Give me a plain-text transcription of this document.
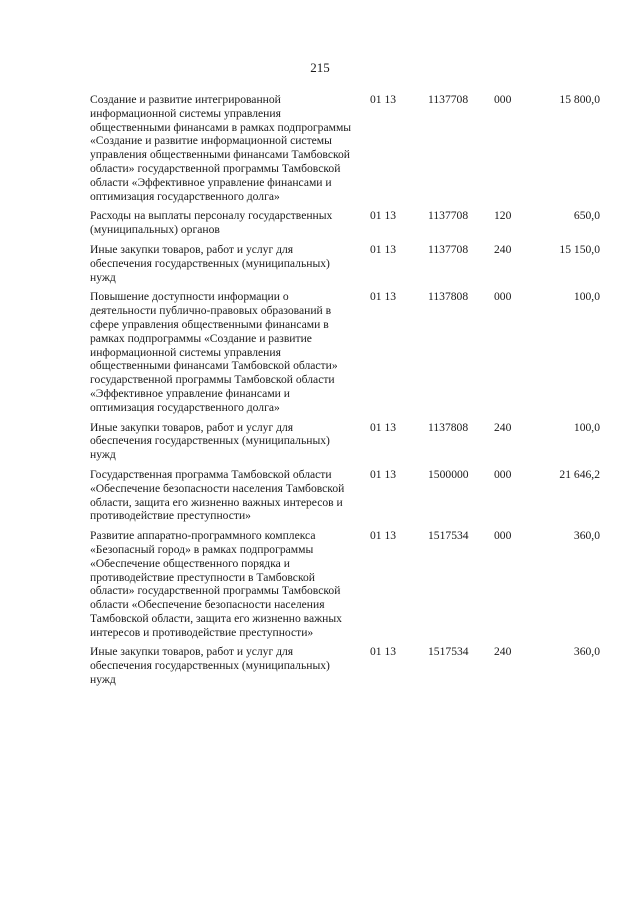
215
Создание и развитие интегрированной информационной системы управления общественными финансами в рамках подпрограммы «Создание и развитие информационной системы управления общественными финансами Тамбовской области» государственной программы Тамбовской области «Эффективное управление финансами и оптимизация государственного долга»
01 13	1137708	000	15 800,0
Расходы на выплаты персоналу государственных (муниципальных) органов
01 13	1137708	120	650,0
Иные закупки товаров, работ и услуг для обеспечения государственных (муниципальных) нужд
01 13	1137708	240	15 150,0
Повышение доступности информации о деятельности публично-правовых образований в сфере управления общественными финансами в рамках подпрограммы «Создание и развитие информационной системы управления общественными финансами Тамбовской области» государственной программы Тамбовской области «Эффективное управление финансами и оптимизация государственного долга»
01 13	1137808	000	100,0
Иные закупки товаров, работ и услуг для обеспечения государственных (муниципальных) нужд
01 13	1137808	240	100,0
Государственная программа Тамбовской области «Обеспечение безопасности населения Тамбовской области, защита его жизненно важных интересов и противодействие преступности»
01 13	1500000	000	21 646,2
Развитие аппаратно-программного комплекса «Безопасный город» в рамках подпрограммы «Обеспечение общественного порядка и противодействие преступности в Тамбовской области» государственной программы Тамбовской области «Обеспечение безопасности населения Тамбовской области, защита его жизненно важных интересов и противодействие преступности»
01 13	1517534	000	360,0
Иные закупки товаров, работ и услуг для обеспечения государственных (муниципальных) нужд
01 13	1517534	240	360,0
